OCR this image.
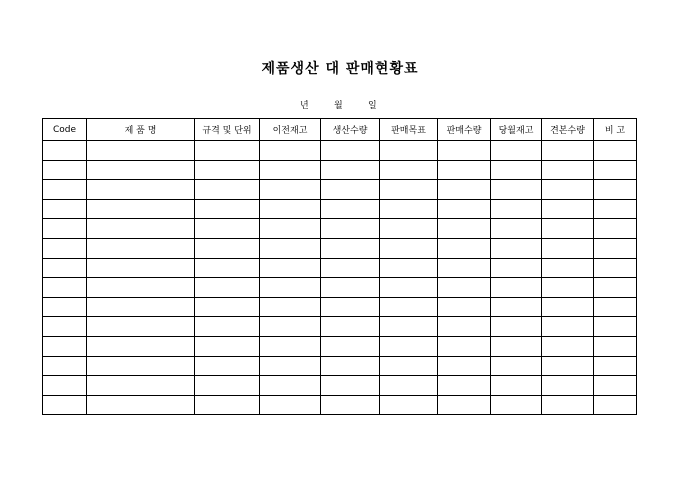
제품생산 대 판매현황표
년	월	일
Code	제 품 명	규격 및 단위	이전재고	생산수량	판매목표	판매수량	당월재고	견본수량	비 고
